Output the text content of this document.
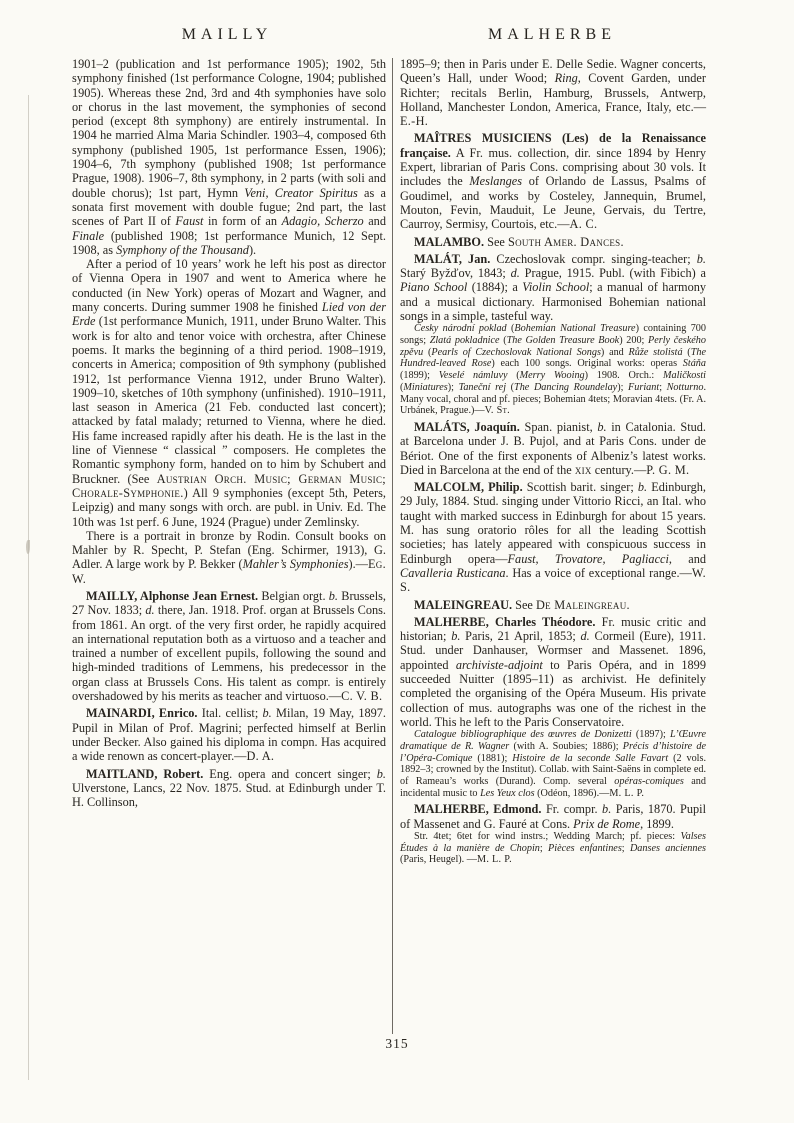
MAILLY	MALHERBE

1901–2 (publication and 1st performance 1905); 1902, 5th symphony finished (1st performance Cologne, 1904; published 1905). Whereas these 2nd, 3rd and 4th symphonies have solo or chorus in the last movement, the symphonies of second period (except 8th symphony) are entirely instrumental. In 1904 he married Alma Maria Schindler. 1903–4, composed 6th symphony (published 1905, 1st performance Essen, 1906); 1904–6, 7th symphony (published 1908; 1st performance Prague, 1908). 1906–7, 8th symphony, in 2 parts (with soli and double chorus); 1st part, Hymn Veni, Creator Spiritus as a sonata first movement with double fugue; 2nd part, the last scenes of Part II of Faust in form of an Adagio, Scherzo and Finale (published 1908; 1st performance Munich, 12 Sept. 1908, as Symphony of the Thousand).

After a period of 10 years’ work he left his post as director of Vienna Opera in 1907 and went to America where he conducted (in New York) operas of Mozart and Wagner, and many concerts. During summer 1908 he finished Lied von der Erde (1st performance Munich, 1911, under Bruno Walter. This work is for alto and tenor voice with orchestra, after Chinese poems. It marks the beginning of a third period. 1908–1919, concerts in America; composition of 9th symphony (published 1912, 1st performance Vienna 1912, under Bruno Walter). 1909–10, sketches of 10th symphony (unfinished). 1910–1911, last season in America (21 Feb. conducted last concert); attacked by fatal malady; returned to Vienna, where he died. His fame increased rapidly after his death. He is the last in the line of Viennese “ classical ” composers. He completes the Romantic symphony form, handed on to him by Schubert and Bruckner. (See Austrian Orch. Music; German Music; Chorale-Symphonie.) All 9 symphonies (except 5th, Peters, Leipzig) and many songs with orch. are publ. in Univ. Ed. The 10th was 1st perf. 6 June, 1924 (Prague) under Zemlinsky.

There is a portrait in bronze by Rodin. Consult books on Mahler by R. Specht, P. Stefan (Eng. Schirmer, 1913), G. Adler. A large work by P. Bekker (Mahler’s Symphonies).—Eg. W.

MAILLY, Alphonse Jean Ernest. Belgian orgt. b. Brussels, 27 Nov. 1833; d. there, Jan. 1918. Prof. organ at Brussels Cons. from 1861. An orgt. of the very first order, he rapidly acquired an international reputation both as a virtuoso and a teacher and trained a number of excellent pupils, following the sound and high-minded traditions of Lemmens, his predecessor in the organ class at Brussels Cons. His talent as compr. is entirely overshadowed by his merits as teacher and virtuoso.—C. V. B.

MAINARDI, Enrico. Ital. cellist; b. Milan, 19 May, 1897. Pupil in Milan of Prof. Magrini; perfected himself at Berlin under Becker. Also gained his diploma in compn. Has acquired a wide renown as concert-player.—D. A.

MAITLAND, Robert. Eng. opera and concert singer; b. Ulverstone, Lancs, 22 Nov. 1875. Stud. at Edinburgh under T. H. Collinson,

1895–9; then in Paris under E. Delle Sedie. Wagner concerts, Queen’s Hall, under Wood; Ring, Covent Garden, under Richter; recitals Berlin, Hamburg, Brussels, Antwerp, Holland, Manchester London, America, France, Italy, etc.—E.-H.

MAÎTRES MUSICIENS (Les) de la Renaissance française. A Fr. mus. collection, dir. since 1894 by Henry Expert, librarian of Paris Cons. comprising about 30 vols. It includes the Meslanges of Orlando de Lassus, Psalms of Goudimel, and works by Costeley, Jannequin, Brumel, Mouton, Fevin, Mauduit, Le Jeune, Gervais, du Tertre, Caurroy, Sermisy, Courtois, etc.—A. C.

MALAMBO. See South Amer. Dances.

MALÁT, Jan. Czechoslovak compr. singing-teacher; b. Starý Byžďov, 1843; d. Prague, 1915. Publ. (with Fibich) a Piano School (1884); a Violin School; a manual of harmony and a musical dictionary. Harmonised Bohemian national songs in a simple, tasteful way.

Česky národní poklad (Bohemian National Treasure) containing 700 songs; Zlatá pokladnice (The Golden Treasure Book) 200; Perly českého zpěvu (Pearls of Czechoslovak National Songs) and Růže stolistá (The Hundred-leaved Rose) each 100 songs. Original works: operas Stáňa (1899); Veselé námluvy (Merry Wooing) 1908. Orch.: Maličkosti (Miniatures); Taneční rej (The Dancing Roundelay); Furiant; Notturno. Many vocal, choral and pf. pieces; Bohemian 4tets; Moravian 4tets. (Fr. A. Urbánek, Prague.)—V. St.

MALÁTS, Joaquín. Span. pianist, b. in Catalonia. Stud. at Barcelona under J. B. Pujol, and at Paris Cons. under de Bériot. One of the first exponents of Albeniz’s latest works. Died in Barcelona at the end of the xix century.—P. G. M.

MALCOLM, Philip. Scottish barit. singer; b. Edinburgh, 29 July, 1884. Stud. singing under Vittorio Ricci, an Ital. who taught with marked success in Edinburgh for about 15 years. M. has sung oratorio rôles for all the leading Scottish societies; has lately appeared with conspicuous success in Edinburgh opera—Faust, Trovatore, Pagliacci, and Cavalleria Rusticana. Has a voice of exceptional range.—W. S.

MALEINGREAU. See De Maleingreau.

MALHERBE, Charles Théodore. Fr. music critic and historian; b. Paris, 21 April, 1853; d. Cormeil (Eure), 1911. Stud. under Danhauser, Wormser and Massenet. 1896, appointed archiviste-adjoint to Paris Opéra, and in 1899 succeeded Nuitter (1895–11) as archivist. He definitely completed the organising of the Opéra Museum. His private collection of mus. autographs was one of the richest in the world. This he left to the Paris Conservatoire.

Catalogue bibliographique des œuvres de Donizetti (1897); L’Œuvre dramatique de R. Wagner (with A. Soubies; 1886); Précis d’histoire de l’Opéra-Comique (1881); Histoire de la seconde Salle Favart (2 vols. 1892–3; crowned by the Institut). Collab. with Saint-Saëns in complete ed. of Rameau’s works (Durand). Comp. several opéras-comiques and incidental music to Les Yeux clos (Odéon, 1896).—M. L. P.

MALHERBE, Edmond. Fr. compr. b. Paris, 1870. Pupil of Massenet and G. Fauré at Cons. Prix de Rome, 1899.

Str. 4tet; 6tet for wind instrs.; Wedding March; pf. pieces: Valses Études à la manière de Chopin; Pièces enfantines; Danses anciennes (Paris, Heugel). —M. L. P.

315
